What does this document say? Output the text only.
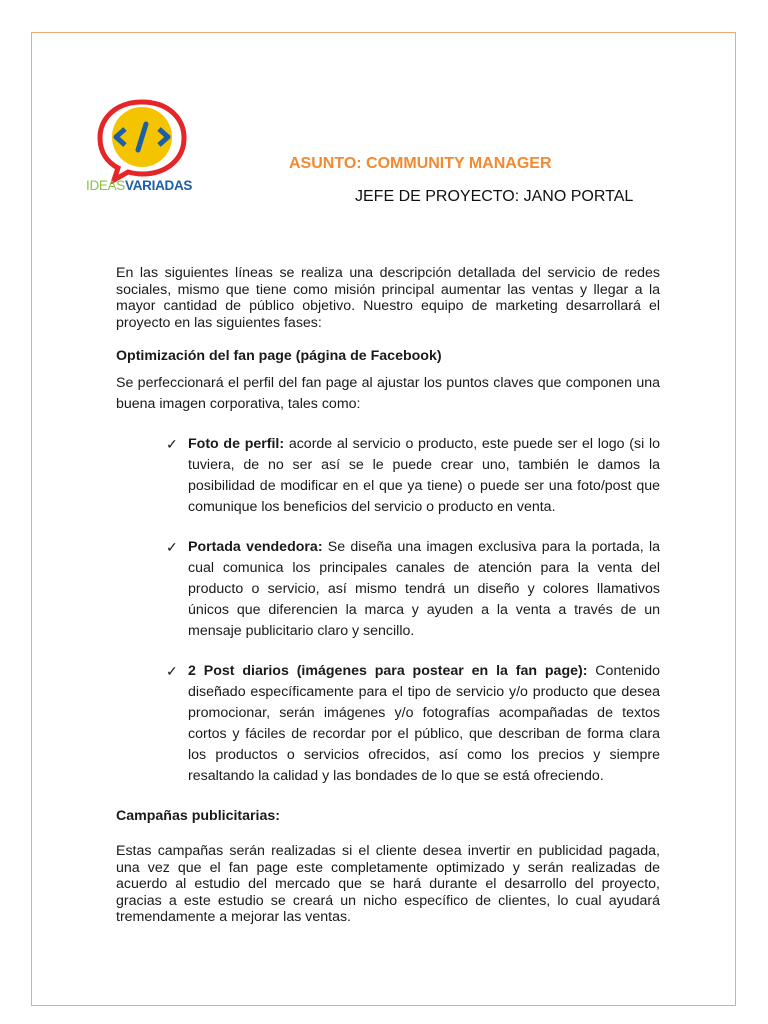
IDEASVARIADAS
ASUNTO: COMMUNITY MANAGER
JEFE DE PROYECTO: JANO PORTAL

En las siguientes líneas se realiza una descripción detallada del servicio de redes sociales, mismo que tiene como misión principal aumentar las ventas y llegar a la mayor cantidad de público objetivo. Nuestro equipo de marketing desarrollará el proyecto en las siguientes fases:

Optimización del fan page (página de Facebook)

Se perfeccionará el perfil del fan page al ajustar los puntos claves que componen una buena imagen corporativa, tales como:

✓ Foto de perfil: acorde al servicio o producto, este puede ser el logo (si lo tuviera, de no ser así se le puede crear uno, también le damos la posibilidad de modificar en el que ya tiene) o puede ser una foto/post que comunique los beneficios del servicio o producto en venta.
✓ Portada vendedora: Se diseña una imagen exclusiva para la portada, la cual comunica los principales canales de atención para la venta del producto o servicio, así mismo tendrá un diseño y colores llamativos únicos que diferencien la marca y ayuden a la venta a través de un mensaje publicitario claro y sencillo.
✓ 2 Post diarios (imágenes para postear en la fan page): Contenido diseñado específicamente para el tipo de servicio y/o producto que desea promocionar, serán imágenes y/o fotografías acompañadas de textos cortos y fáciles de recordar por el público, que describan de forma clara los productos o servicios ofrecidos, así como los precios y siempre resaltando la calidad y las bondades de lo que se está ofreciendo.

Campañas publicitarias:

Estas campañas serán realizadas si el cliente desea invertir en publicidad pagada, una vez que el fan page este completamente optimizado y serán realizadas de acuerdo al estudio del mercado que se hará durante el desarrollo del proyecto, gracias a este estudio se creará un nicho específico de clientes, lo cual ayudará tremendamente a mejorar las ventas.
